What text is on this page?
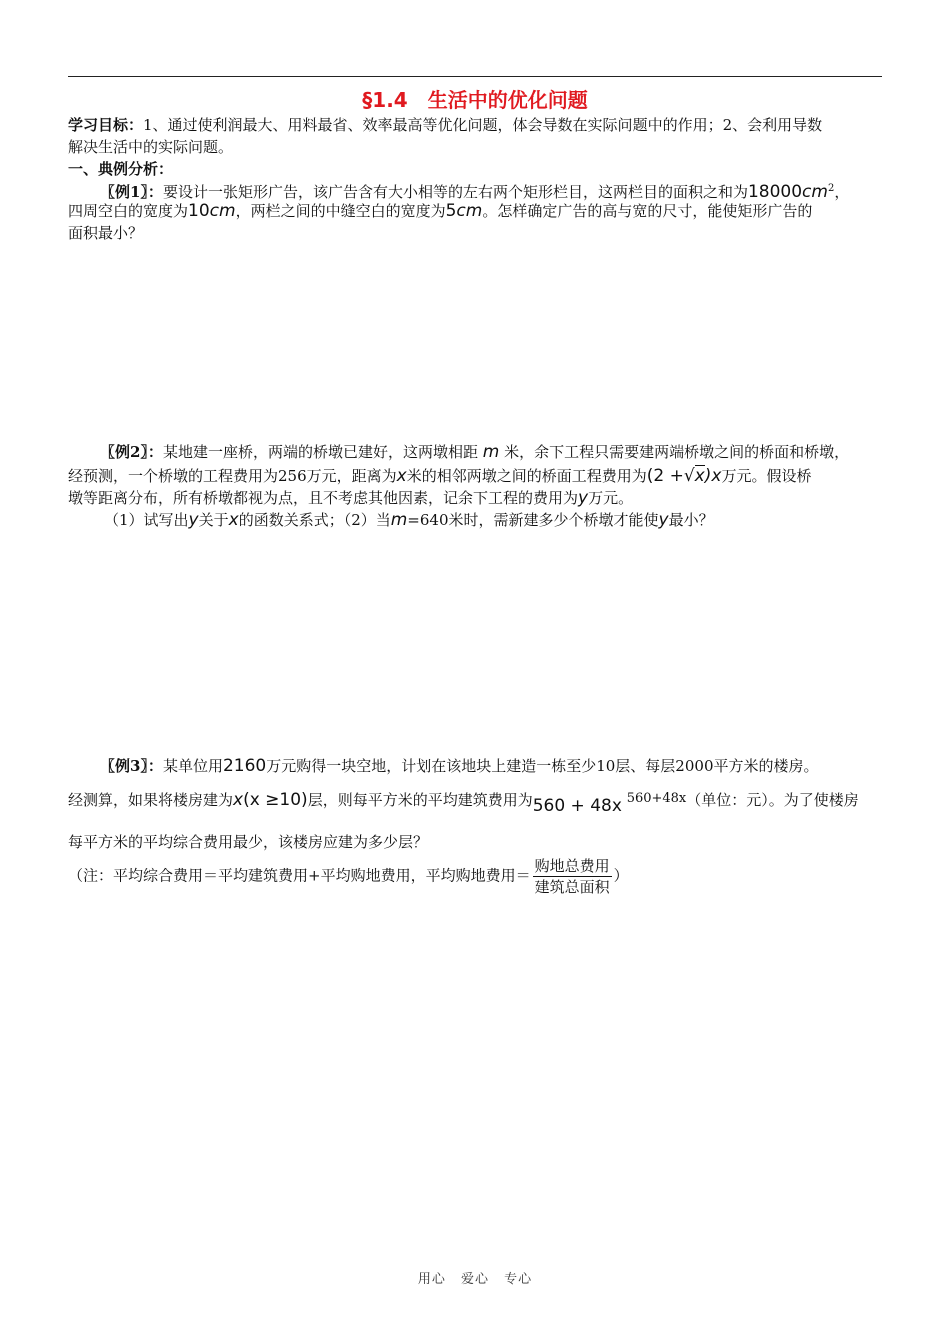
§1.4　生活中的优化问题
学习目标：1、通过使利润最大、用料最省、效率最高等优化问题，体会导数在实际问题中的作用；2、会利用导数
解决生活中的实际问题。
一、典例分析：
〖例1〗：要设计一张矩形广告，该广告含有大小相等的左右两个矩形栏目，这两栏目的面积之和为$18000cm^2$，
四周空白的宽度为10cm，两栏之间的中缝空白的宽度为5cm。怎样确定广告的高与宽的尺寸，能使矩形广告的
面积最小？
〖例2〗：某地建一座桥，两端的桥墩已建好，这两墩相距 m 米，余下工程只需要建两端桥墩之间的桥面和桥墩，
经预测，一个桥墩的工程费用为256万元，距离为x米的相邻两墩之间的桥面工程费用为(2 +√x)x万元。假设桥
墩等距离分布，所有桥墩都视为点，且不考虑其他因素，记余下工程的费用为y万元。
（1）试写出y关于x的函数关系式；（2）当m=640米时，需新建多少个桥墩才能使y最小？
〖例3〗：某单位用2160万元购得一块空地，计划在该地块上建造一栋至少10层、每层2000平方米的楼房。
经测算，如果将楼房建为x(x ≥10)层，则每平方米的平均建筑费用为560 + 48x 560+48x（单位：元）。为了使楼房
每平方米的平均综合费用最少，该楼房应建为多少层？
（注：平均综合费用＝平均建筑费用+平均购地费用，平均购地费用＝ $\frac{\text{购地总费用}}{\text{建筑总面积}}$ ）
用心 爱心 专心
